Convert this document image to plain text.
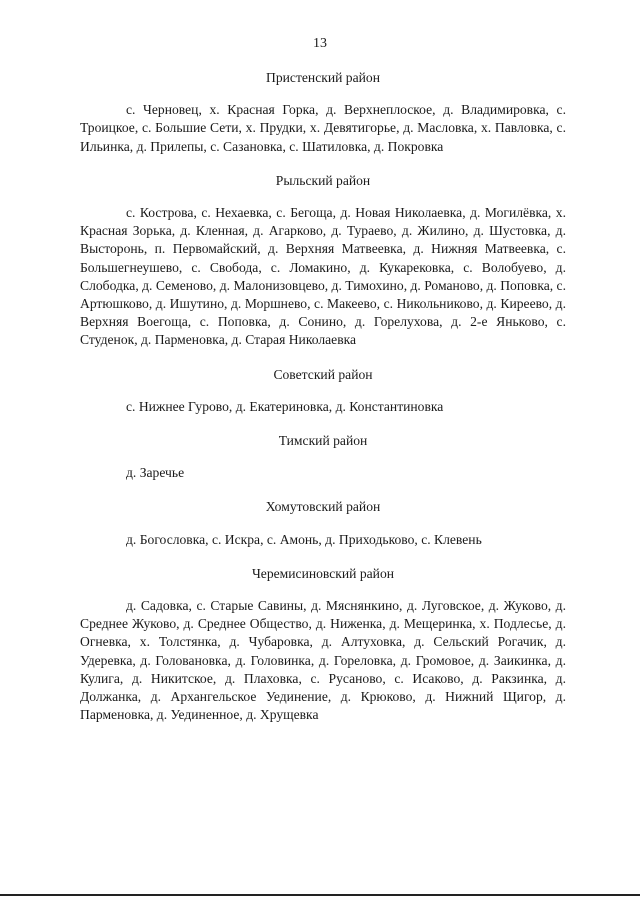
13
Пристенский район

с. Черновец, х. Красная Горка, д. Верхнеплоское, д. Владимировка, с. Троицкое, с. Большие Сети, х. Прудки, х. Девятигорье, д. Масловка, х. Павловка, с. Ильинка, д. Прилепы, с. Сазановка, с. Шатиловка, д. Покровка

Рыльский район

с. Кострова, с. Нехаевка, с. Бегоща, д. Новая Николаевка, д. Могилёвка, х. Красная Зорька, д. Кленная, д. Агарково, д. Тураево, д. Жилино, д. Шустовка, д. Высторонь, п. Первомайский, д. Верхняя Матвеевка, д. Нижняя Матвеевка, с. Большегнеушево, с. Свобода, с. Ломакино, д. Кукарековка, с. Волобуево, д. Слободка, д. Семеново, д. Малонизовцево, д. Тимохино, д. Романово, д. Поповка, с. Артюшково, д. Ишутино, д. Моршнево, с. Макеево, с. Никольниково, д. Киреево, д. Верхняя Воегоща, с. Поповка, д. Сонино, д. Горелухова, д. 2-е Яньково, с. Студенок, д. Парменовка, д. Старая Николаевка

Советский район

с. Нижнее Гурово, д. Екатериновка, д. Константиновка

Тимский район

д. Заречье

Хомутовский район

д. Богословка, с. Искра, с. Амонь, д. Приходьково, с. Клевень

Черемисиновский район

д. Садовка, с. Старые Савины, д. Мяснянкино, д. Луговское, д. Жуково, д. Среднее Жуково, д. Среднее Общество, д. Ниженка, д. Мещеринка, х. Подлесье, д. Огневка, х. Толстянка, д. Чубаровка, д. Алтуховка, д. Сельский Рогачик, д. Удеревка, д. Голованoвка, д. Головинка, д. Гореловка, д. Громовое, д. Заикинка, д. Кулига, д. Никитское, д. Плаховка, с. Русаново, с. Исаково, д. Ракзинка, д. Должанка, д. Архангельское Уединение, д. Крюково, д. Нижний Щигор, д. Парменовка, д. Уединенное, д. Хрущевка
